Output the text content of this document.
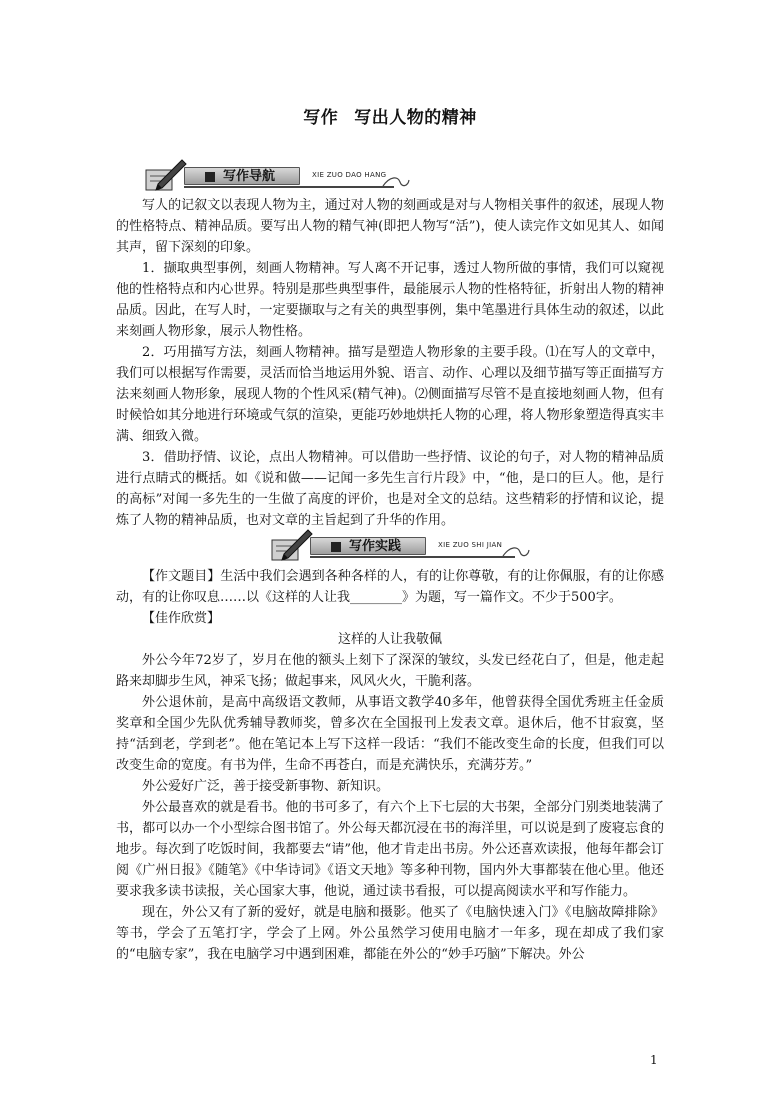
写作 写出人物的精神
写作导航	XIE ZUO DAO HANG

写人的记叙文以表现人物为主，通过对人物的刻画或是对与人物相关事件的叙述，展现人物的性格特点、精神品质。要写出人物的精气神(即把人物写“活”)，使人读完作文如见其人、如闻其声，留下深刻的印象。

1．撷取典型事例，刻画人物精神。写人离不开记事，透过人物所做的事情，我们可以窥视他的性格特点和内心世界。特别是那些典型事件，最能展示人物的性格特征，折射出人物的精神品质。因此，在写人时，一定要撷取与之有关的典型事例，集中笔墨进行具体生动的叙述，以此来刻画人物形象，展示人物性格。

2．巧用描写方法，刻画人物精神。描写是塑造人物形象的主要手段。⑴在写人的文章中，我们可以根据写作需要，灵活而恰当地运用外貌、语言、动作、心理以及细节描写等正面描写方法来刻画人物形象，展现人物的个性风采(精气神)。⑵侧面描写尽管不是直接地刻画人物，但有时候恰如其分地进行环境或气氛的渲染，更能巧妙地烘托人物的心理，将人物形象塑造得真实丰满、细致入微。

3．借助抒情、议论，点出人物精神。可以借助一些抒情、议论的句子，对人物的精神品质进行点睛式的概括。如《说和做——记闻一多先生言行片段》中，“他，是口的巨人。他，是行的高标”对闻一多先生的一生做了高度的评价，也是对全文的总结。这些精彩的抒情和议论，提炼了人物的精神品质，也对文章的主旨起到了升华的作用。

写作实践	XIE ZUO SHI JIAN

【作文题目】生活中我们会遇到各种各样的人，有的让你尊敬，有的让你佩服，有的让你感动，有的让你叹息……以《这样的人让我________》为题，写一篇作文。不少于500字。

【佳作欣赏】

这样的人让我敬佩

外公今年72岁了，岁月在他的额头上刻下了深深的皱纹，头发已经花白了，但是，他走起路来却脚步生风，神采飞扬；做起事来，风风火火，干脆利落。

外公退休前，是高中高级语文教师，从事语文教学40多年，他曾获得全国优秀班主任金质奖章和全国少先队优秀辅导教师奖，曾多次在全国报刊上发表文章。退休后，他不甘寂寞，坚持“活到老，学到老”。他在笔记本上写下这样一段话：“我们不能改变生命的长度，但我们可以改变生命的宽度。有书为伴，生命不再苍白，而是充满快乐，充满芬芳。”

外公爱好广泛，善于接受新事物、新知识。

外公最喜欢的就是看书。他的书可多了，有六个上下七层的大书架，全部分门别类地装满了书，都可以办一个小型综合图书馆了。外公每天都沉浸在书的海洋里，可以说是到了废寝忘食的地步。每次到了吃饭时间，我都要去“请”他，他才肯走出书房。外公还喜欢读报，他每年都会订阅《广州日报》《随笔》《中华诗词》《语文天地》等多种刊物，国内外大事都装在他心里。他还要求我多读书读报，关心国家大事，他说，通过读书看报，可以提高阅读水平和写作能力。

现在，外公又有了新的爱好，就是电脑和摄影。他买了《电脑快速入门》《电脑故障排除》等书，学会了五笔打字，学会了上网。外公虽然学习使用电脑才一年多，现在却成了我们家的“电脑专家”，我在电脑学习中遇到困难，都能在外公的“妙手巧脑”下解决。外公

1
